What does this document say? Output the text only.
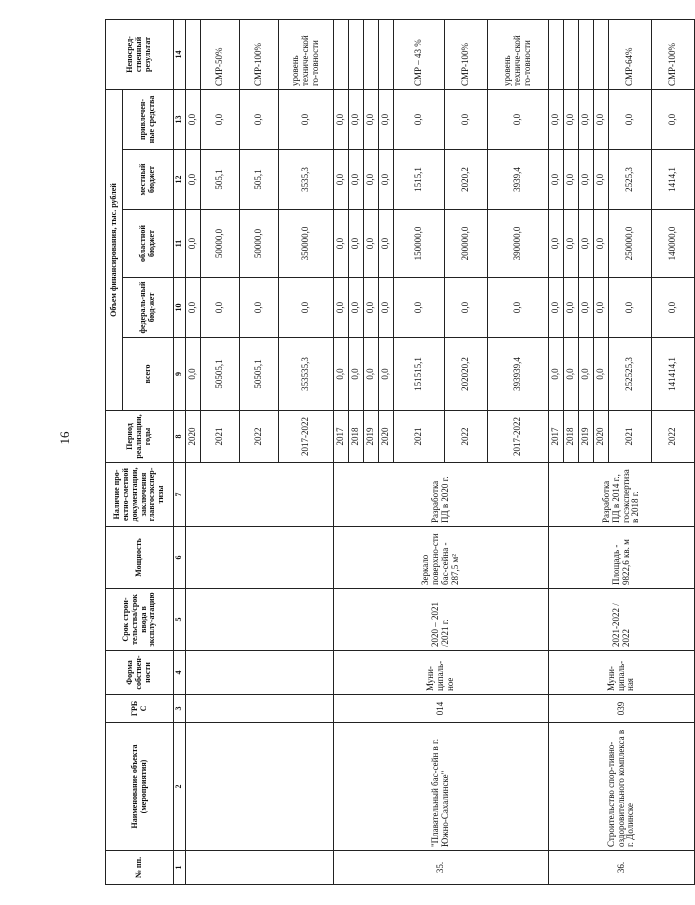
16
№ пп.	Наименование объекта (мероприятия)	ГРБ С	Форма собствен-ности	Срок строи-тельства/срок ввода в эксплу-атацию	Мощность	Наличие про-ектно-сметной документации, заключения главгосэкспер-тизы	Период реализации, годы	Объем финансирования, тыс. рублей					Непосред-ственный результат
								всего	федераль-ный бюд-жет	областной бюджет	местный бюджет	привлечен-ные средства	
1	2	3	4	5	6	7	8	9	10	11	12	13	14
							2020	0,0	0,0	0,0	0,0	0,0	
							2021	50505,1	0,0	50000,0	505,1	0,0	СМР-50%
							2022	50505,1	0,0	50000,0	505,1	0,0	СМР-100%
							2017-2022	353535,3	0,0	350000,0	3535,3	0,0	уровень техниче-ской го-товности
35.	"Плавательный бас-сейн в г. Южно-Сахалинске"	014	Муни-ципаль-ное	2020 – 2021 /2021 г.	Зеркало поверхно-сти бас-сейна - 287,5 м²	Разработка ПД в 2020 г.	2017	0,0	0,0	0,0	0,0	0,0	
							2018	0,0	0,0	0,0	0,0	0,0	
							2019	0,0	0,0	0,0	0,0	0,0	
							2020	0,0	0,0	0,0	0,0	0,0	
							2021	151515,1	0,0	150000,0	1515,1	0,0	СМР – 43 %
							2022	202020,2	0,0	200000,0	2020,2	0,0	СМР-100%
							2017-2022	393939,4	0,0	390000,0	3939,4	0,0	уровень техниче-ской го-товности
36.	Строительство спор-тивно-оздоровительного комплекса в г. Долинске	039	Муни-ципаль-ная	2021-2022 / 2022	Площадь - 9822,6 кв. м	Разработка ПД в 2014 г., госэкспертиза в 2018 г.	2017	0,0	0,0	0,0	0,0	0,0	
							2018	0,0	0,0	0,0	0,0	0,0	
							2019	0,0	0,0	0,0	0,0	0,0	
							2020	0,0	0,0	0,0	0,0	0,0	
							2021	252525,3	0,0	250000,0	2525,3	0,0	СМР-64%
							2022	141414,1	0,0	140000,0	1414,1	0,0	СМР-100%
